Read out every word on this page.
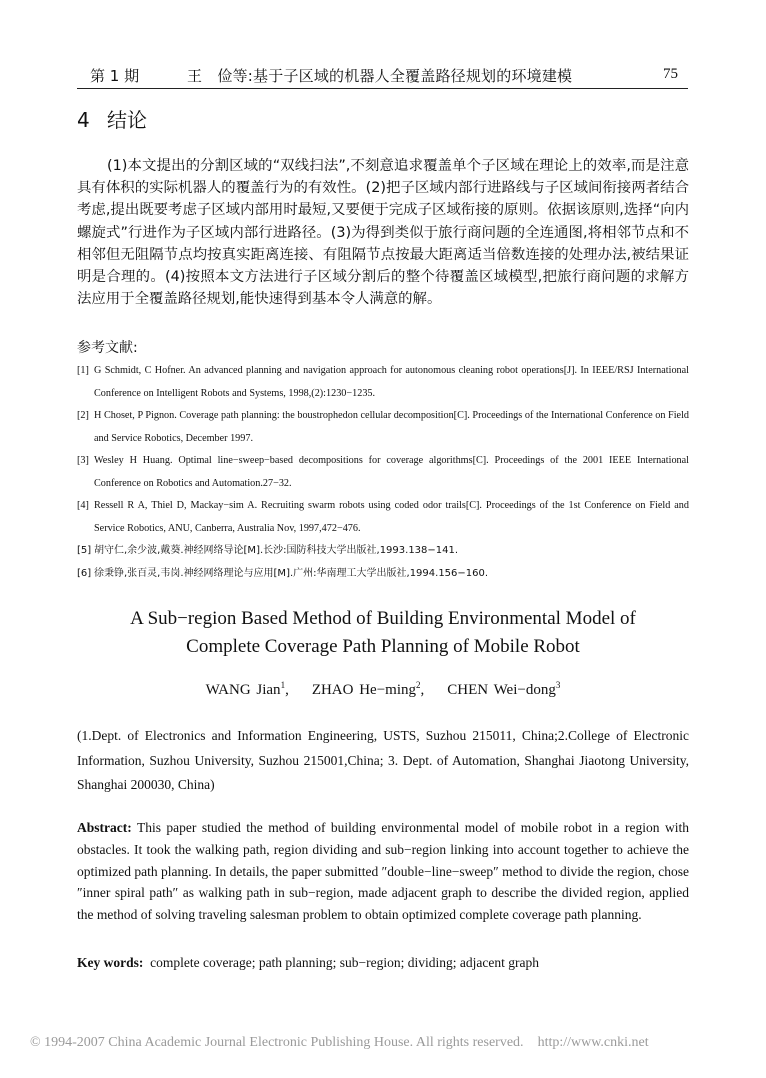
第 1 期	王　俭等:基于子区域的机器人全覆盖路径规划的环境建模	75
4 结论
(1)本文提出的分割区域的“双线扫法”,不刻意追求覆盖单个子区域在理论上的效率,而是注意具有体积的实际机器人的覆盖行为的有效性。(2)把子区域内部行进路线与子区域间衔接两者结合考虑,提出既要考虑子区域内部用时最短,又要便于完成子区域衔接的原则。依据该原则,选择“向内螺旋式”行进作为子区域内部行进路径。(3)为得到类似于旅行商问题的全连通图,将相邻节点和不相邻但无阻隔节点均按真实距离连接、有阻隔节点按最大距离适当倍数连接的处理办法,被结果证明是合理的。(4)按照本文方法进行子区域分割后的整个待覆盖区域模型,把旅行商问题的求解方法应用于全覆盖路径规划,能快速得到基本令人满意的解。
参考文献:
[1] G Schmidt, C Hofner. An advanced planning and navigation approach for autonomous cleaning robot operations[J]. In IEEE/RSJ International Conference on Intelligent Robots and Systems, 1998,(2):1230−1235.
[2] H Choset, P Pignon. Coverage path planning: the boustrophedon cellular decomposition[C]. Proceedings of the International Conference on Field and Service Robotics, December 1997.
[3] Wesley H Huang. Optimal line−sweep−based decompositions for coverage algorithms[C]. Proceedings of the 2001 IEEE International Conference on Robotics and Automation.27−32.
[4] Ressell R A, Thiel D, Mackay−sim A. Recruiting swarm robots using coded odor trails[C]. Proceedings of the 1st Conference on Field and Service Robotics, ANU, Canberra, Australia Nov, 1997,472−476.
[5] 胡守仁,余少波,戴葵.神经网络导论[M].长沙:国防科技大学出版社,1993.138−141.
[6] 徐秉铮,张百灵,韦岗.神经网络理论与应用[M].广州:华南理工大学出版社,1994.156−160.
A Sub−region Based Method of Building Environmental Model of
Complete Coverage Path Planning of Mobile Robot
WANG Jian$^1$,    ZHAO He−ming$^2$,    CHEN Wei−dong$^3$
(1.Dept. of Electronics and Information Engineering, USTS, Suzhou 215011, China;2.College of Electronic Information, Suzhou University, Suzhou 215001,China; 3. Dept. of Automation, Shanghai Jiaotong University, Shanghai 200030, China)
Abstract: This paper studied the method of building environmental model of mobile robot in a region with obstacles. It took the walking path, region dividing and sub−region linking into account together to achieve the optimized path planning. In details, the paper submitted ″double−line−sweep″ method to divide the region, chose ″inner spiral path″ as walking path in sub−region, made adjacent graph to describe the divided region, applied the method of solving traveling salesman problem to obtain optimized complete coverage path planning.
Key words: complete coverage; path planning; sub−region; dividing; adjacent graph
© 1994-2007 China Academic Journal Electronic Publishing House. All rights reserved. http://www.cnki.net
